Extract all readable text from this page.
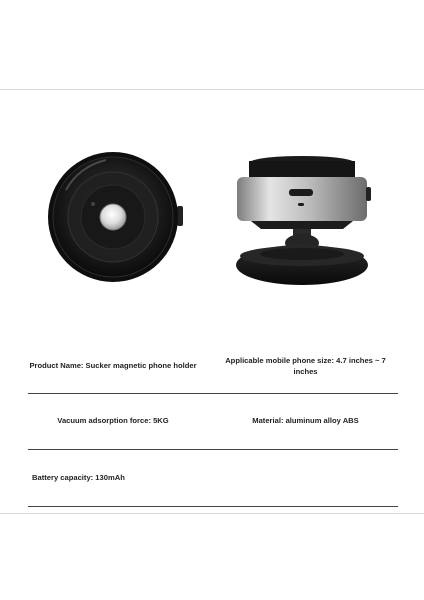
Product Name: Sucker magnetic phone holder
Applicable mobile phone size: 4.7 inches ~ 7 inches
Vacuum adsorption force: 5KG	Material: aluminum alloy ABS
Battery capacity: 130mAh
